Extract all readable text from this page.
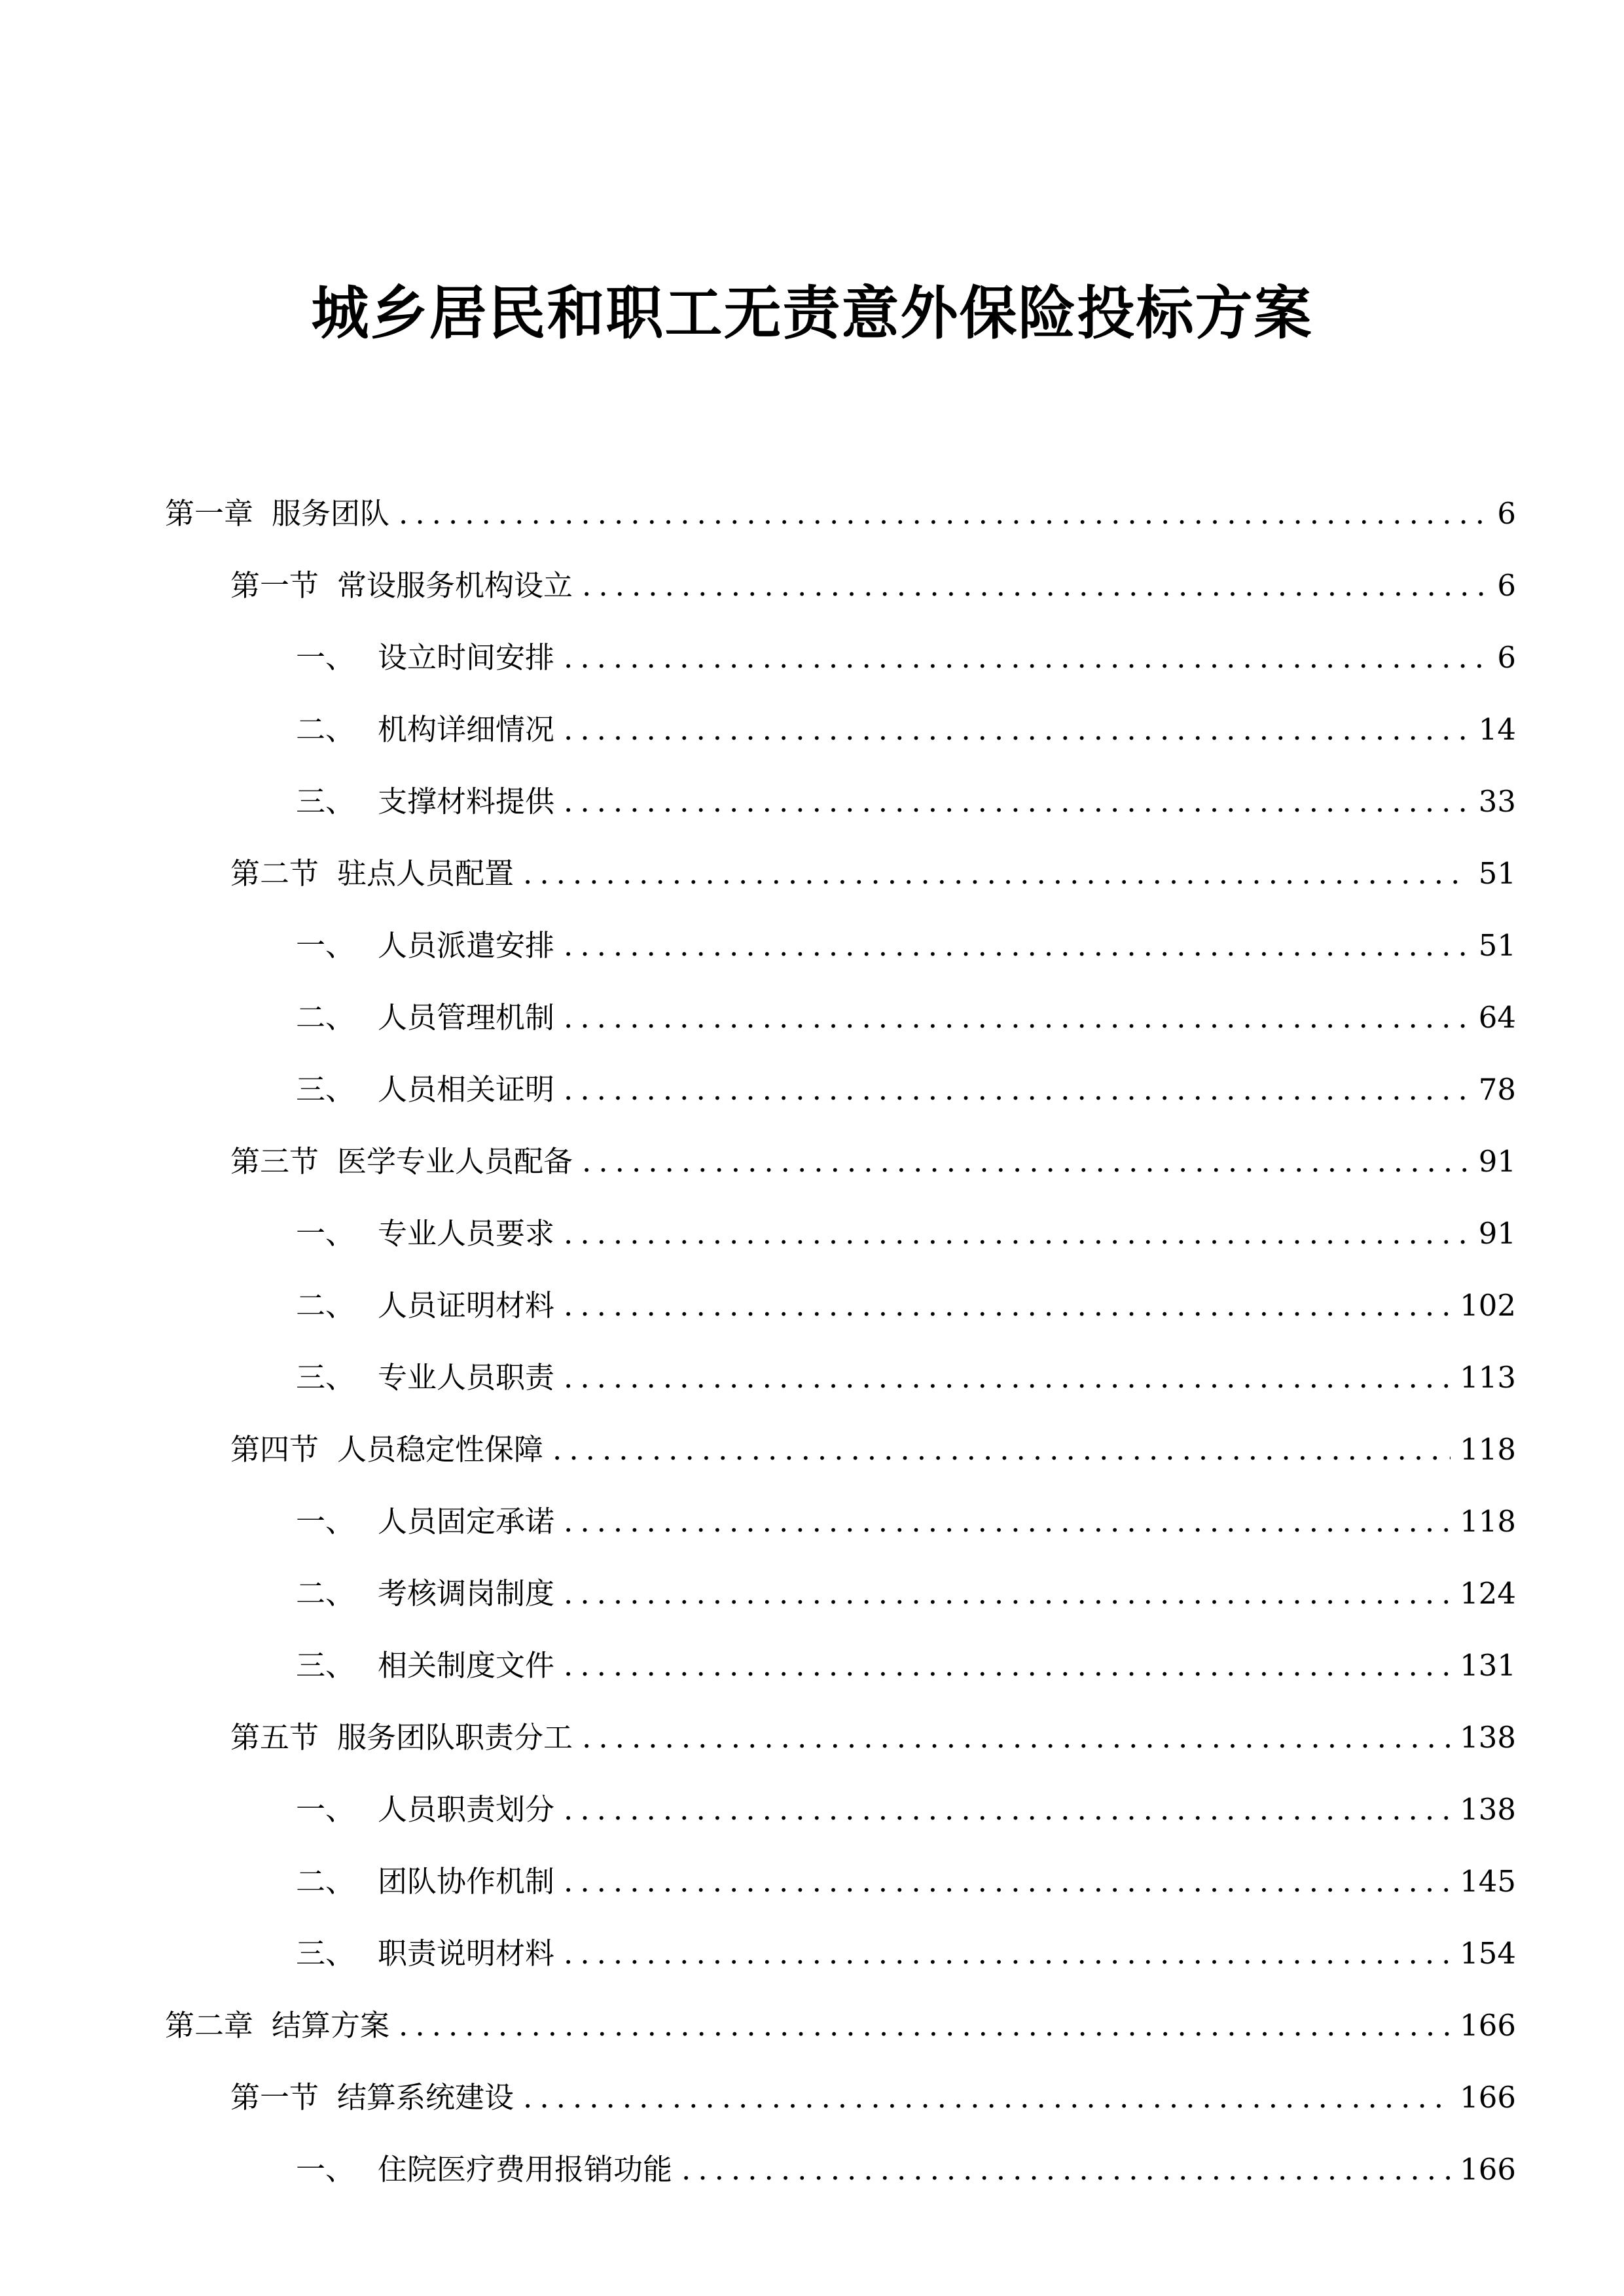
城乡居民和职工无责意外保险投标方案
第一章 服务团队 .....	6
第一节 常设服务机构设立 .....	6
一、 设立时间安排 .....	6
二、 机构详细情况 .....	14
三、 支撑材料提供 .....	33
第二节 驻点人员配置 .....	51
一、 人员派遣安排 .....	51
二、 人员管理机制 .....	64
三、 人员相关证明 .....	78
第三节 医学专业人员配备 .....	91
一、 专业人员要求 .....	91
二、 人员证明材料 .....	102
三、 专业人员职责 .....	113
第四节 人员稳定性保障 .....	118
一、 人员固定承诺 .....	118
二、 考核调岗制度 .....	124
三、 相关制度文件 .....	131
第五节 服务团队职责分工 .....	138
一、 人员职责划分 .....	138
二、 团队协作机制 .....	145
三、 职责说明材料 .....	154
第二章 结算方案 .....	166
第一节 结算系统建设 .....	166
一、 住院医疗费用报销功能 .....	166
